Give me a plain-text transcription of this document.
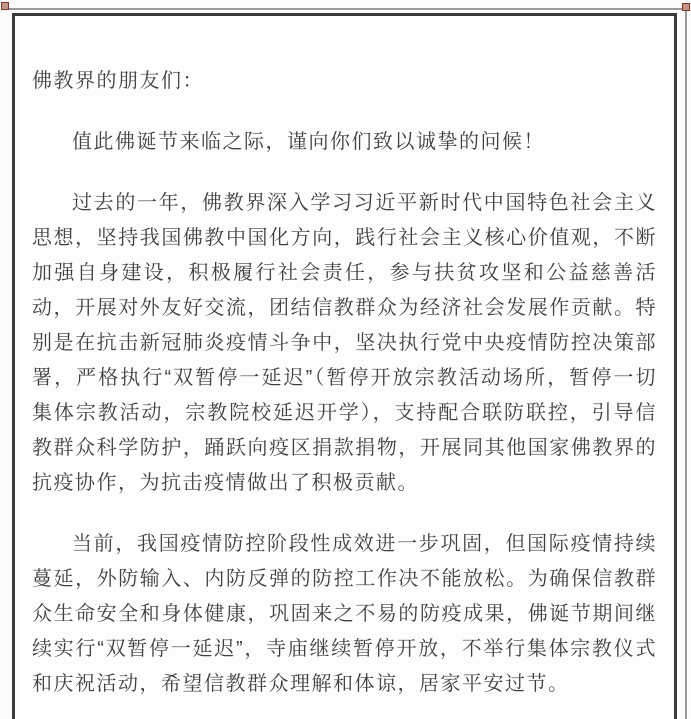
佛教界的朋友们：

值此佛诞节来临之际，谨向你们致以诚挚的问候！

过去的一年，佛教界深入学习习近平新时代中国特色社会主义思想，坚持我国佛教中国化方向，践行社会主义核心价值观，不断加强自身建设，积极履行社会责任，参与扶贫攻坚和公益慈善活动，开展对外友好交流，团结信教群众为经济社会发展作贡献。特别是在抗击新冠肺炎疫情斗争中，坚决执行党中央疫情防控决策部署，严格执行“双暂停一延迟”（暂停开放宗教活动场所，暂停一切集体宗教活动，宗教院校延迟开学），支持配合联防联控，引导信教群众科学防护，踊跃向疫区捐款捐物，开展同其他国家佛教界的抗疫协作，为抗击疫情做出了积极贡献。

当前，我国疫情防控阶段性成效进一步巩固，但国际疫情持续蔓延，外防输入、内防反弹的防控工作决不能放松。为确保信教群众生命安全和身体健康，巩固来之不易的防疫成果，佛诞节期间继续实行“双暂停一延迟”，寺庙继续暂停开放，不举行集体宗教仪式和庆祝活动，希望信教群众理解和体谅，居家平安过节。
